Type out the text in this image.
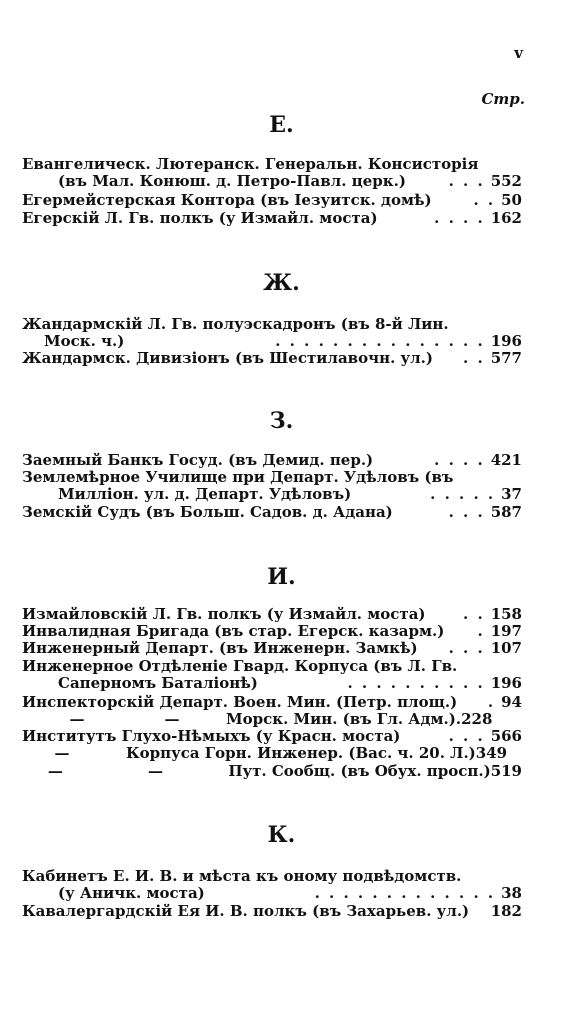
v
Стр.
Е.
Евангелическ. Лютеранск. Генеральн. Консисторія
(въ Мал. Конюш. д. Петро-Павл. церк.)	. . . 552
Егермейстерская Контора (въ Іезуитск. домѣ)	. . 50
Егерскій Л. Гв. полкъ (у Измайл. моста)	. . . . 162
Ж.
Жандармскій Л. Гв. полуэскадронъ (въ 8-й Лин.
Моск. ч.)	. . . . . . . . . . . . . . . 196
Жандармск. Дивизіонъ (въ Шестилавочн. ул.)	. . 577
З.
Заемный Банкъ Госуд. (въ Демид. пер.)	. . . . 421
Землемѣрное Училище при Департ. Удѣловъ (въ
Милліон. ул. д. Департ. Удѣловъ)	. . . . . 37
Земскій Судъ (въ Больш. Садов. д. Адана)	. . . 587
И.
Измайловскій Л. Гв. полкъ (у Измайл. моста)	. . 158
Инвалидная Бригада (въ стар. Егерск. казарм.)	. 197
Инженерный Департ. (въ Инженерн. Замкѣ)	. . . 107
Инженерное Отдѣленіе Гвард. Корпуса (въ Л. Гв.
Саперномъ Баталіонѣ)	. . . . . . . . . . 196
Инспекторскій Департ. Воен. Мин. (Петр. площ.)	. 94
—	—	Морск. Мин. (въ Гл. Адм.) . 228
Институтъ Глухо-Нѣмыхъ (у Красн. моста)	. . . 566
—	Корпуса Горн. Инженер. (Вас. ч. 20. Л.) 349
—	—	Пут. Сообщ. (въ Обух. просп.) 519
К.
Кабинетъ Е. И. В. и мѣста къ оному подвѣдомств.
(у Аничк. моста)	. . . . . . . . . . . . . 38
Кавалергардскій Ея И. В. полкъ (въ Захарьев. ул.)	182
